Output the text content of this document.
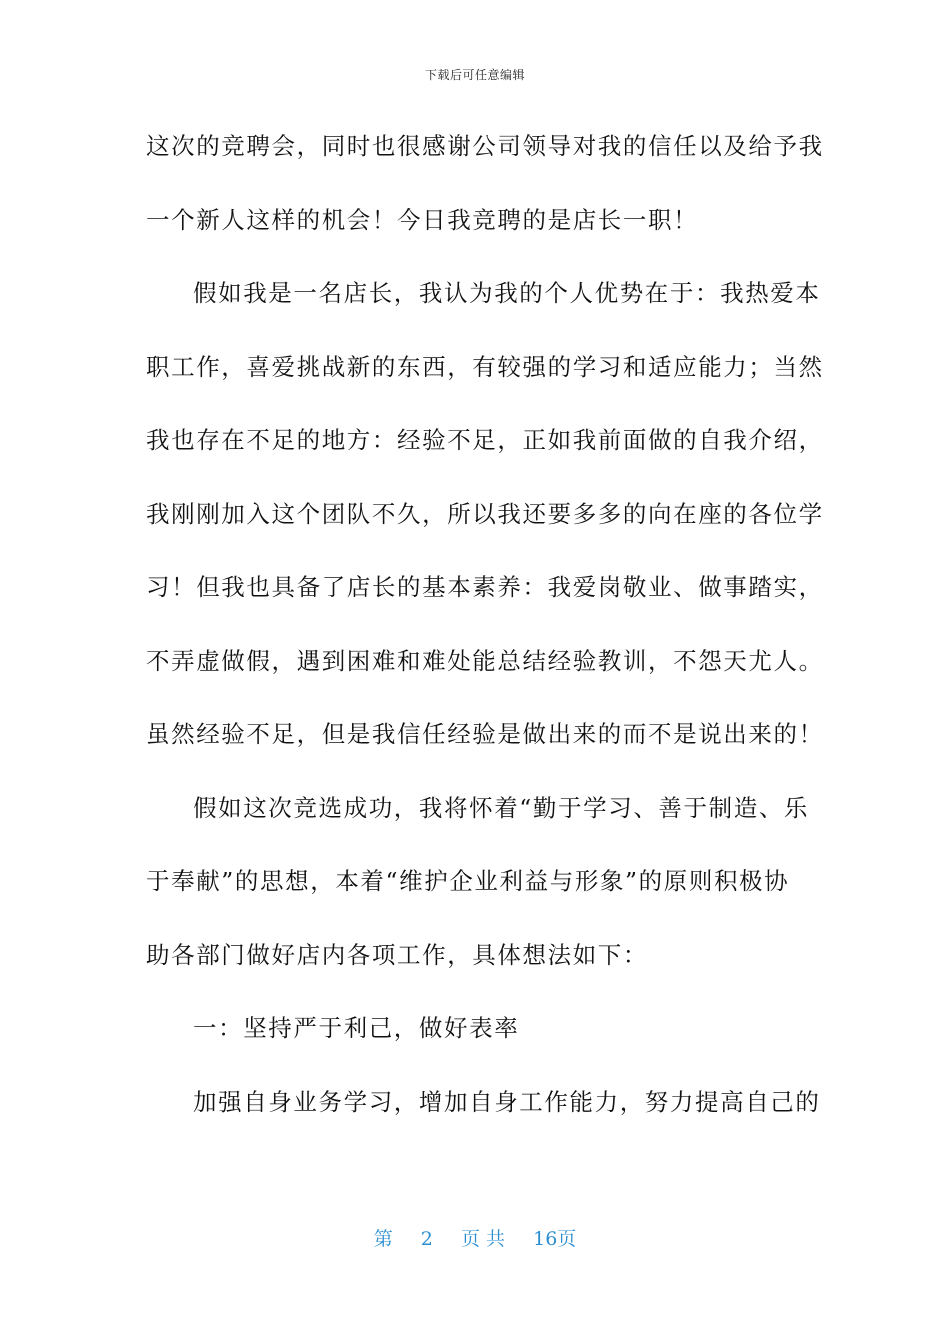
下载后可任意编辑
这次的竞聘会，同时也很感谢公司领导对我的信任以及给予我
一个新人这样的机会！今日我竞聘的是店长一职！
假如我是一名店长，我认为我的个人优势在于：我热爱本
职工作，喜爱挑战新的东西，有较强的学习和适应能力；当然
我也存在不足的地方：经验不足，正如我前面做的自我介绍，
我刚刚加入这个团队不久，所以我还要多多的向在座的各位学
习！但我也具备了店长的基本素养：我爱岗敬业、做事踏实，
不弄虚做假，遇到困难和难处能总结经验教训，不怨天尤人。
虽然经验不足，但是我信任经验是做出来的而不是说出来的！
假如这次竞选成功，我将怀着“勤于学习、善于制造、乐
于奉献”的思想，本着“维护企业利益与形象”的原则积极协
助各部门做好店内各项工作，具体想法如下：
一：坚持严于利己，做好表率
加强自身业务学习，增加自身工作能力，努力提高自己的
第 2 页 共 16页
